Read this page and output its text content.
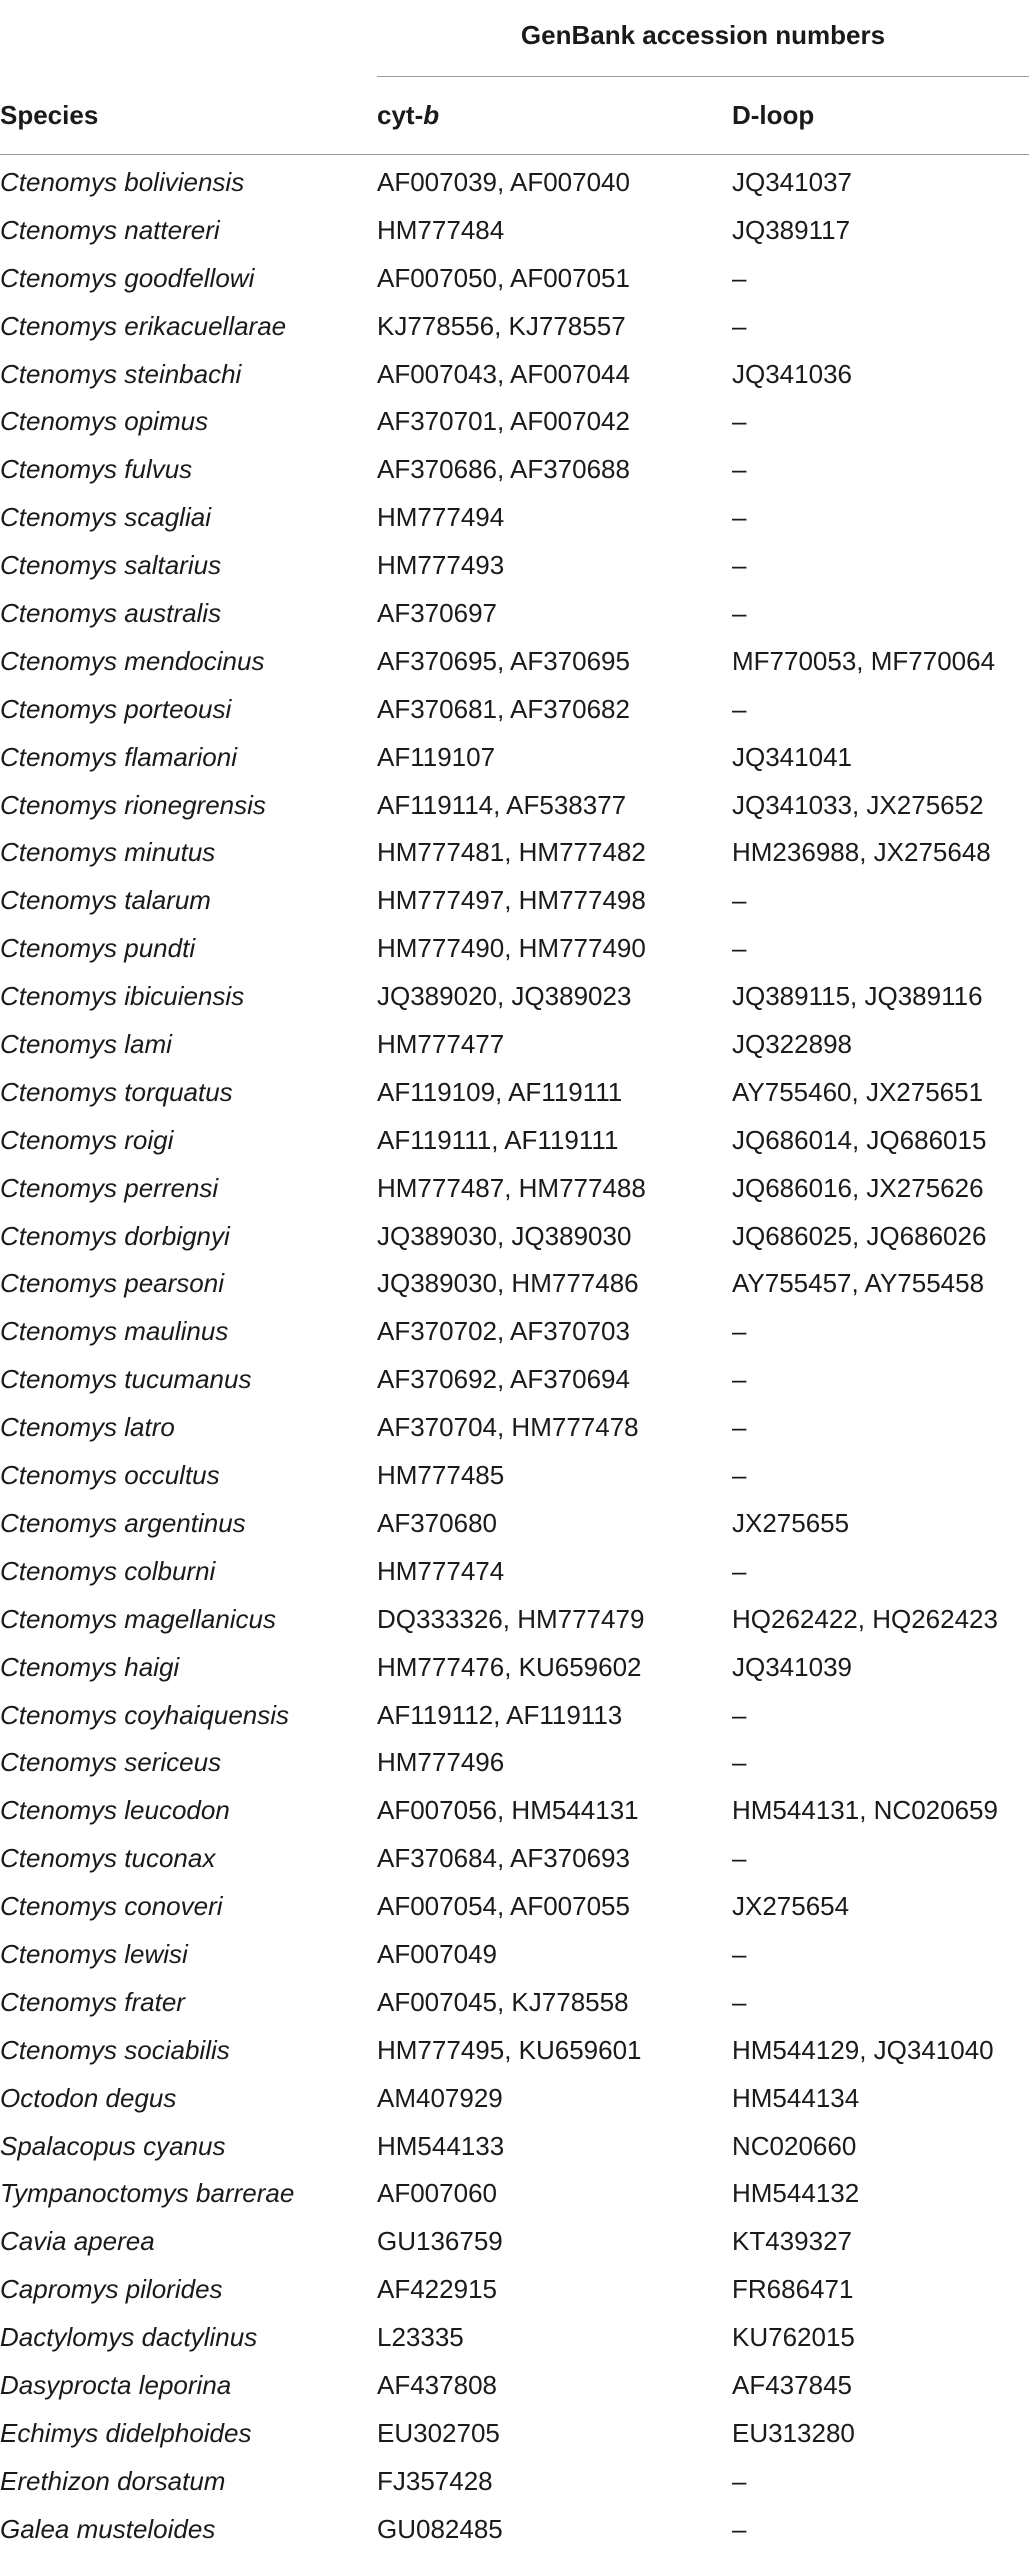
GenBank accession numbers
Species	cyt-b	D-loop
Ctenomys boliviensis	AF007039, AF007040	JQ341037
Ctenomys nattereri	HM777484	JQ389117
Ctenomys goodfellowi	AF007050, AF007051	–
Ctenomys erikacuellarae	KJ778556, KJ778557	–
Ctenomys steinbachi	AF007043, AF007044	JQ341036
Ctenomys opimus	AF370701, AF007042	–
Ctenomys fulvus	AF370686, AF370688	–
Ctenomys scagliai	HM777494	–
Ctenomys saltarius	HM777493	–
Ctenomys australis	AF370697	–
Ctenomys mendocinus	AF370695, AF370695	MF770053, MF770064
Ctenomys porteousi	AF370681, AF370682	–
Ctenomys flamarioni	AF119107	JQ341041
Ctenomys rionegrensis	AF119114, AF538377	JQ341033, JX275652
Ctenomys minutus	HM777481, HM777482	HM236988, JX275648
Ctenomys talarum	HM777497, HM777498	–
Ctenomys pundti	HM777490, HM777490	–
Ctenomys ibicuiensis	JQ389020, JQ389023	JQ389115, JQ389116
Ctenomys lami	HM777477	JQ322898
Ctenomys torquatus	AF119109, AF119111	AY755460, JX275651
Ctenomys roigi	AF119111, AF119111	JQ686014, JQ686015
Ctenomys perrensi	HM777487, HM777488	JQ686016, JX275626
Ctenomys dorbignyi	JQ389030, JQ389030	JQ686025, JQ686026
Ctenomys pearsoni	JQ389030, HM777486	AY755457, AY755458
Ctenomys maulinus	AF370702, AF370703	–
Ctenomys tucumanus	AF370692, AF370694	–
Ctenomys latro	AF370704, HM777478	–
Ctenomys occultus	HM777485	–
Ctenomys argentinus	AF370680	JX275655
Ctenomys colburni	HM777474	–
Ctenomys magellanicus	DQ333326, HM777479	HQ262422, HQ262423
Ctenomys haigi	HM777476, KU659602	JQ341039
Ctenomys coyhaiquensis	AF119112, AF119113	–
Ctenomys sericeus	HM777496	–
Ctenomys leucodon	AF007056, HM544131	HM544131, NC020659
Ctenomys tuconax	AF370684, AF370693	–
Ctenomys conoveri	AF007054, AF007055	JX275654
Ctenomys lewisi	AF007049	–
Ctenomys frater	AF007045, KJ778558	–
Ctenomys sociabilis	HM777495, KU659601	HM544129, JQ341040
Octodon degus	AM407929	HM544134
Spalacopus cyanus	HM544133	NC020660
Tympanoctomys barrerae	AF007060	HM544132
Cavia aperea	GU136759	KT439327
Capromys pilorides	AF422915	FR686471
Dactylomys dactylinus	L23335	KU762015
Dasyprocta leporina	AF437808	AF437845
Echimys didelphoides	EU302705	EU313280
Erethizon dorsatum	FJ357428	–
Galea musteloides	GU082485	–
